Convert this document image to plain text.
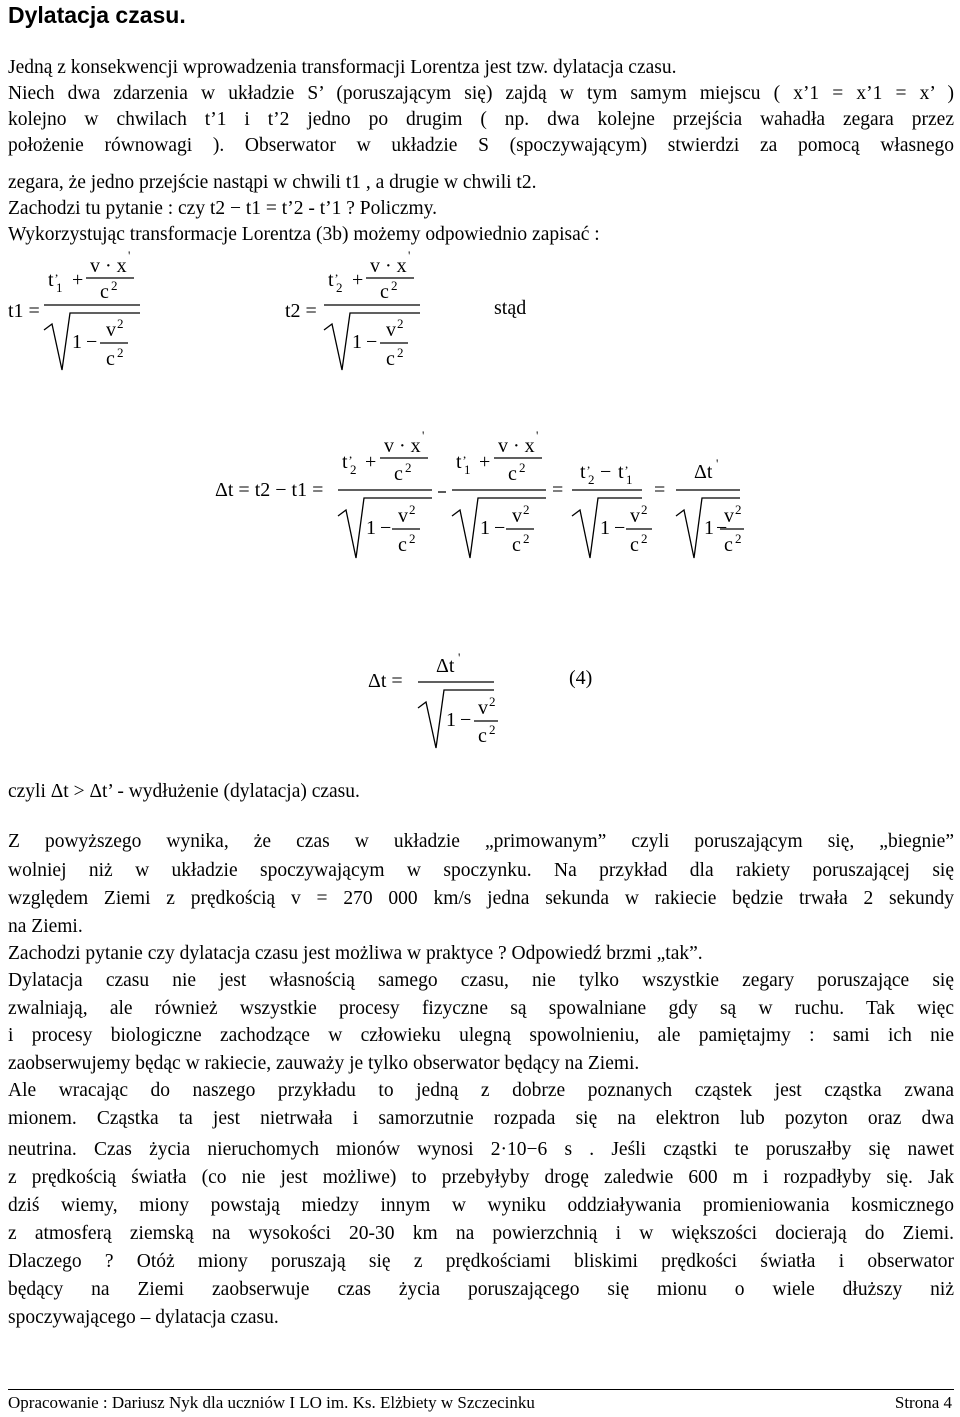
Dylatacja czasu.
Jedną z konsekwencji wprowadzenia transformacji Lorentza jest tzw. dylatacja czasu.
Niech dwa zdarzenia w układzie S’ (poruszającym się) zajdą w tym samym miejscu ( x’1 = x’1 = x’ )
kolejno w chwilach t’1 i t’2 jedno po drugim ( np. dwa kolejne przejścia wahadła zegara przez
położenie równowagi ). Obserwator w układzie S (spoczywającym) stwierdzi za pomocą własnego
zegara, że jedno przejście nastąpi w chwili t1 , a drugie w chwili t2.
Zachodzi tu pytanie : czy t2 − t1 = t’2 - t’1 ? Policzmy.
Wykorzystując transformacje Lorentza (3b) możemy odpowiednio zapisać :
t1 =
t ,
1 +
v · x '
c 2
1 −
v 2
c 2
t2 =
t ,
2 +
v · x '
c 2
1 −
v 2
c 2
stąd
Δt = t2 − t1 =
t ,
2 +
v · x '
c 2
1 −
v 2
c 2
t ,
1 +
v · x '
c 2
1 −
v 2
c 2
=
t ,
2 − t ,
1
1 −
v 2
c 2
=
Δt '
1 −
v 2
c 2
Δt =
Δt '
1 −
v 2
c 2
(4)
czyli Δt > Δt’ - wydłużenie (dylatacja) czasu.
Z powyższego wynika, że czas w układzie „primowanym” czyli poruszającym się, „biegnie”
wolniej niż w układzie spoczywającym w spoczynku. Na przykład dla rakiety poruszającej się
względem Ziemi z prędkością v = 270 000 km/s jedna sekunda w rakiecie będzie trwała 2 sekundy
na Ziemi.
Zachodzi pytanie czy dylatacja czasu jest możliwa w praktyce ? Odpowiedź brzmi „tak”.
Dylatacja czasu nie jest własnością samego czasu, nie tylko wszystkie zegary poruszające się
zwalniają, ale również wszystkie procesy fizyczne są spowalniane gdy są w ruchu. Tak więc
i procesy biologiczne zachodzące w człowieku ulegną spowolnieniu, ale pamiętajmy : sami ich nie
zaobserwujemy będąc w rakiecie, zauważy je tylko obserwator będący na Ziemi.
Ale wracając do naszego przykładu to jedną z dobrze poznanych cząstek jest cząstka zwana
mionem. Cząstka ta jest nietrwała i samorzutnie rozpada się na elektron lub pozyton oraz dwa
neutrina. Czas życia nieruchomych mionów wynosi 2·10−6 s . Jeśli cząstki te poruszałby się nawet
z prędkością światła (co nie jest możliwe) to przebyłyby drogę zaledwie 600 m i rozpadłyby się. Jak
dziś wiemy, miony powstają miedzy innym w wyniku oddziaływania promieniowania kosmicznego
z atmosferą ziemską na wysokości 20-30 km na powierzchnią i w większości docierają do Ziemi.
Dlaczego ? Otóż miony poruszają się z prędkościami bliskimi prędkości światła i obserwator
będący na Ziemi zaobserwuje czas życia poruszającego się mionu o wiele dłuższy niż
spoczywającego – dylatacja czasu.
Opracowanie : Dariusz Nyk dla uczniów I LO im. Ks. Elżbiety w Szczecinku	Strona 4
